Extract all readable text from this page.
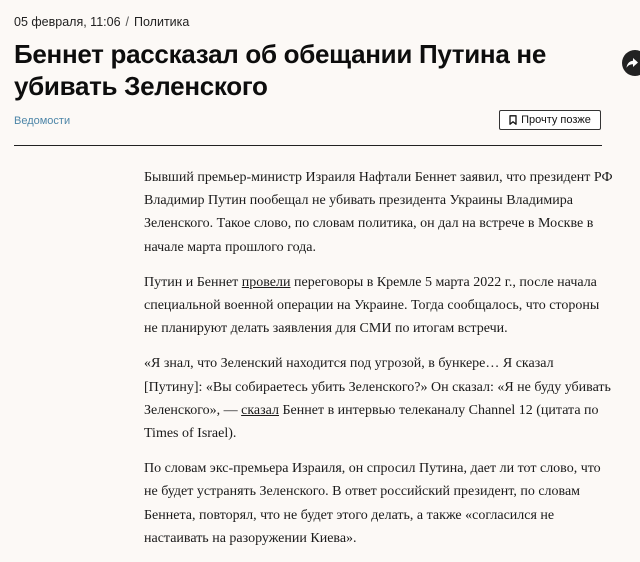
05 февраля, 11:06 / Политика
Беннет рассказал об обещании Путина не убивать Зеленского
Ведомости	Прочту позже

Бывший премьер-министр Израиля Нафтали Беннет заявил, что президент РФ Владимир Путин пообещал не убивать президента Украины Владимира Зеленского. Такое слово, по словам политика, он дал на встрече в Москве в начале марта прошлого года.

Путин и Беннет провели переговоры в Кремле 5 марта 2022 г., после начала специальной военной операции на Украине. Тогда сообщалось, что стороны не планируют делать заявления для СМИ по итогам встречи.

«Я знал, что Зеленский находится под угрозой, в бункере… Я сказал [Путину]: «Вы собираетесь убить Зеленского?» Он сказал: «Я не буду убивать Зеленского», — сказал Беннет в интервью телеканалу Channel 12 (цитата по Times of Israel).

По словам экс-премьера Израиля, он спросил Путина, дает ли тот слово, что не будет устранять Зеленского. В ответ российский президент, по словам Беннета, повторял, что не будет этого делать, а также «согласился не настаивать на разоружении Киева».
